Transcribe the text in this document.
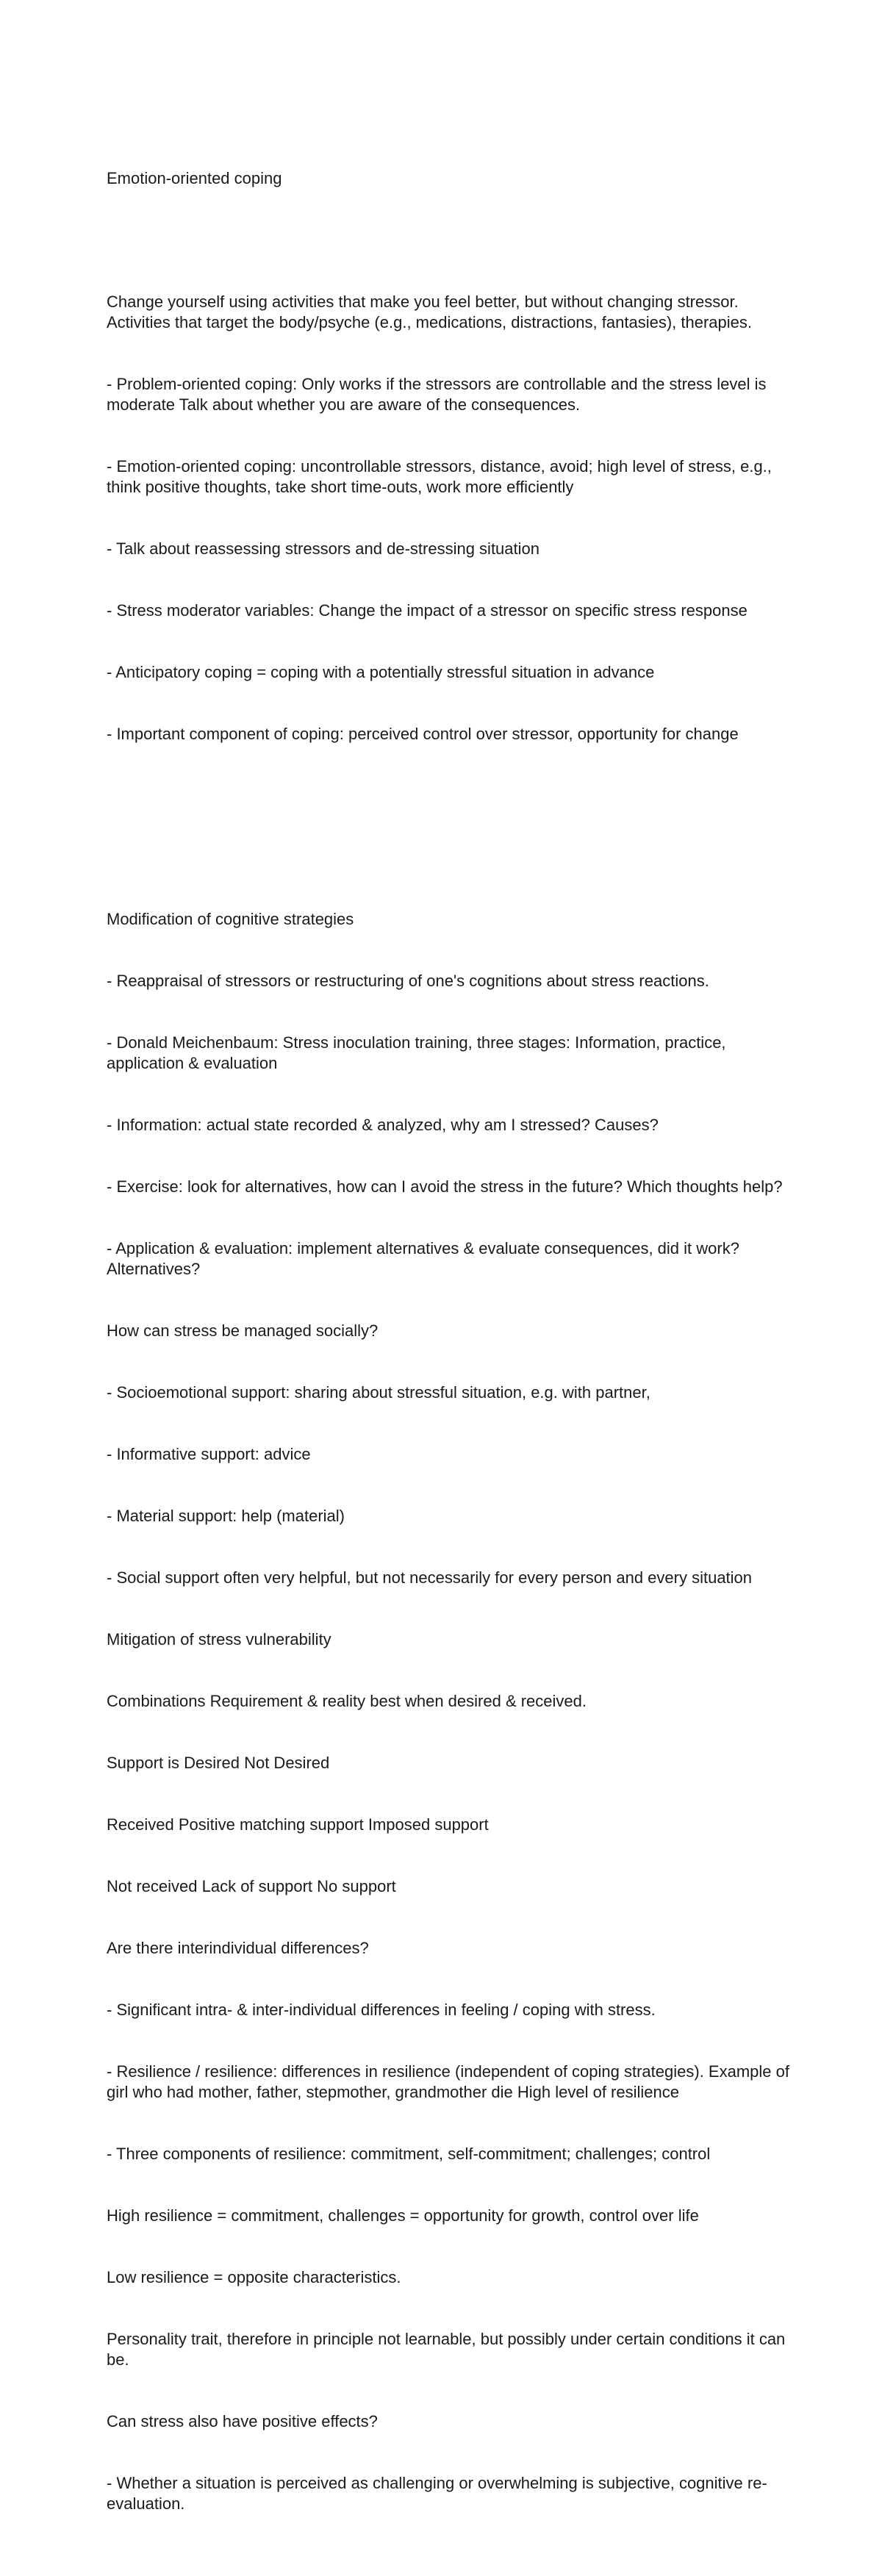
Emotion-oriented coping

Change yourself using activities that make you feel better, but without changing stressor.        Activities that target the body/psyche (e.g., medications, distractions, fantasies), therapies.

- Problem-oriented coping: Only works if the stressors are controllable and the stress level is moderate Talk about whether you are aware of the consequences.

- Emotion-oriented coping: uncontrollable stressors, distance, avoid; high level of stress, e.g., think positive thoughts, take short time-outs, work more efficiently

- Talk about reassessing stressors and de-stressing situation

- Stress moderator variables: Change the impact of a stressor on specific stress response

- Anticipatory coping = coping with a potentially stressful situation in advance

- Important component of coping: perceived control over stressor, opportunity for change

Modification of cognitive strategies

- Reappraisal of stressors or restructuring of one's cognitions about stress reactions.

- Donald Meichenbaum: Stress inoculation training, three stages: Information, practice, application & evaluation

- Information: actual state recorded & analyzed, why am I stressed? Causes?

- Exercise: look for alternatives, how can I avoid the stress in the future? Which thoughts help?

- Application & evaluation: implement alternatives & evaluate consequences, did it work? Alternatives?

How can stress be managed socially?

- Socioemotional support: sharing about stressful situation, e.g. with partner,

- Informative support: advice

- Material support: help (material)

- Social support often very helpful, but not necessarily for every person and every situation

Mitigation of stress vulnerability

Combinations Requirement & reality best when desired & received.

Support is Desired Not Desired

Received Positive matching support Imposed support

Not received Lack of support No support

Are there interindividual differences?

- Significant intra- & inter-individual differences in feeling / coping with stress.

- Resilience / resilience: differences in resilience (independent of coping strategies). Example of girl who had mother, father, stepmother, grandmother die High level of resilience

- Three components of resilience: commitment, self-commitment; challenges; control

High resilience = commitment, challenges = opportunity for growth, control over life

Low resilience = opposite characteristics.

Personality trait, therefore in principle not learnable, but possibly under certain conditions it can be.

Can stress also have positive effects?

- Whether a situation is perceived as challenging or overwhelming is subjective, cognitive re-evaluation.
